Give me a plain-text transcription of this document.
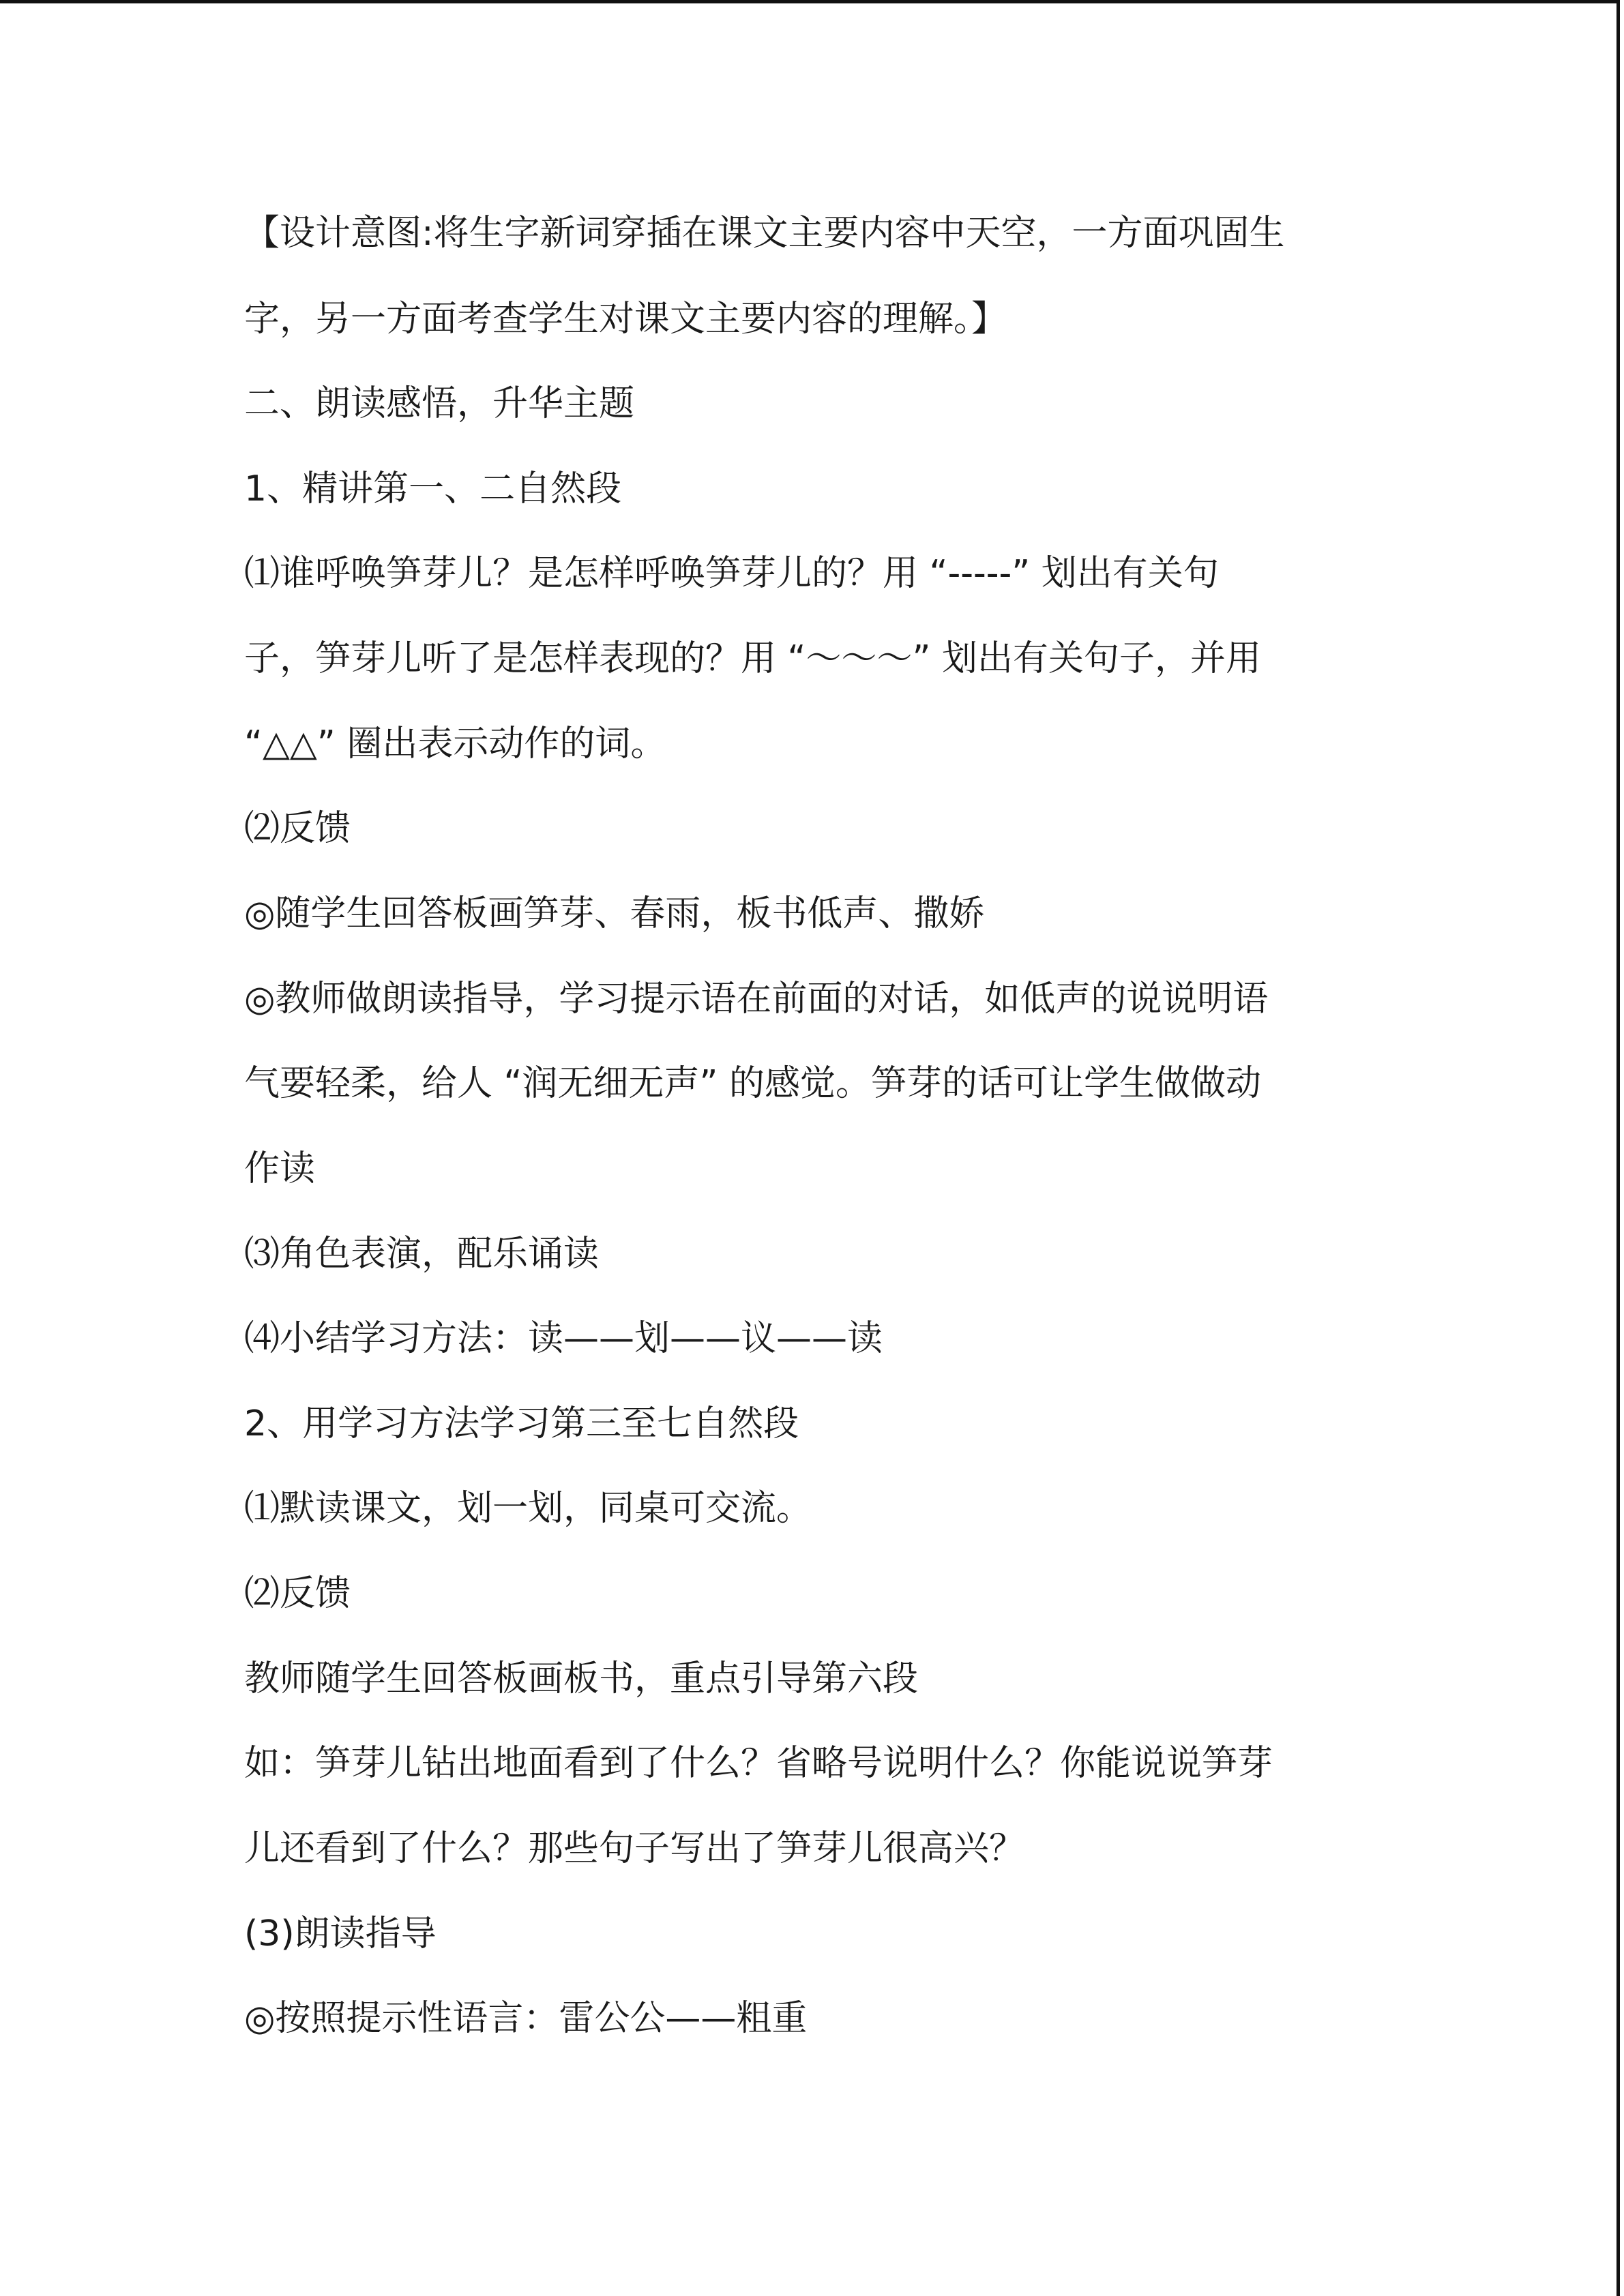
【设计意图:将生字新词穿插在课文主要内容中天空，一方面巩固生
字，另一方面考查学生对课文主要内容的理解。】
二、朗读感悟，升华主题
1、精讲第一、二自然段
⑴谁呼唤笋芽儿？是怎样呼唤笋芽儿的？用 “-----” 划出有关句
子，笋芽儿听了是怎样表现的？用 “～～～” 划出有关句子，并用
“△△” 圈出表示动作的词。
⑵反馈
◎随学生回答板画笋芽、春雨，板书低声、撒娇
◎教师做朗读指导，学习提示语在前面的对话，如低声的说说明语
气要轻柔，给人 “润无细无声” 的感觉。笋芽的话可让学生做做动
作读
⑶角色表演，配乐诵读
⑷小结学习方法：读——划——议——读
2、用学习方法学习第三至七自然段
⑴默读课文，划一划，同桌可交流。
⑵反馈
教师随学生回答板画板书，重点引导第六段
如：笋芽儿钻出地面看到了什么？省略号说明什么？你能说说笋芽
儿还看到了什么？那些句子写出了笋芽儿很高兴？
(3)朗读指导
◎按照提示性语言：雷公公——粗重
